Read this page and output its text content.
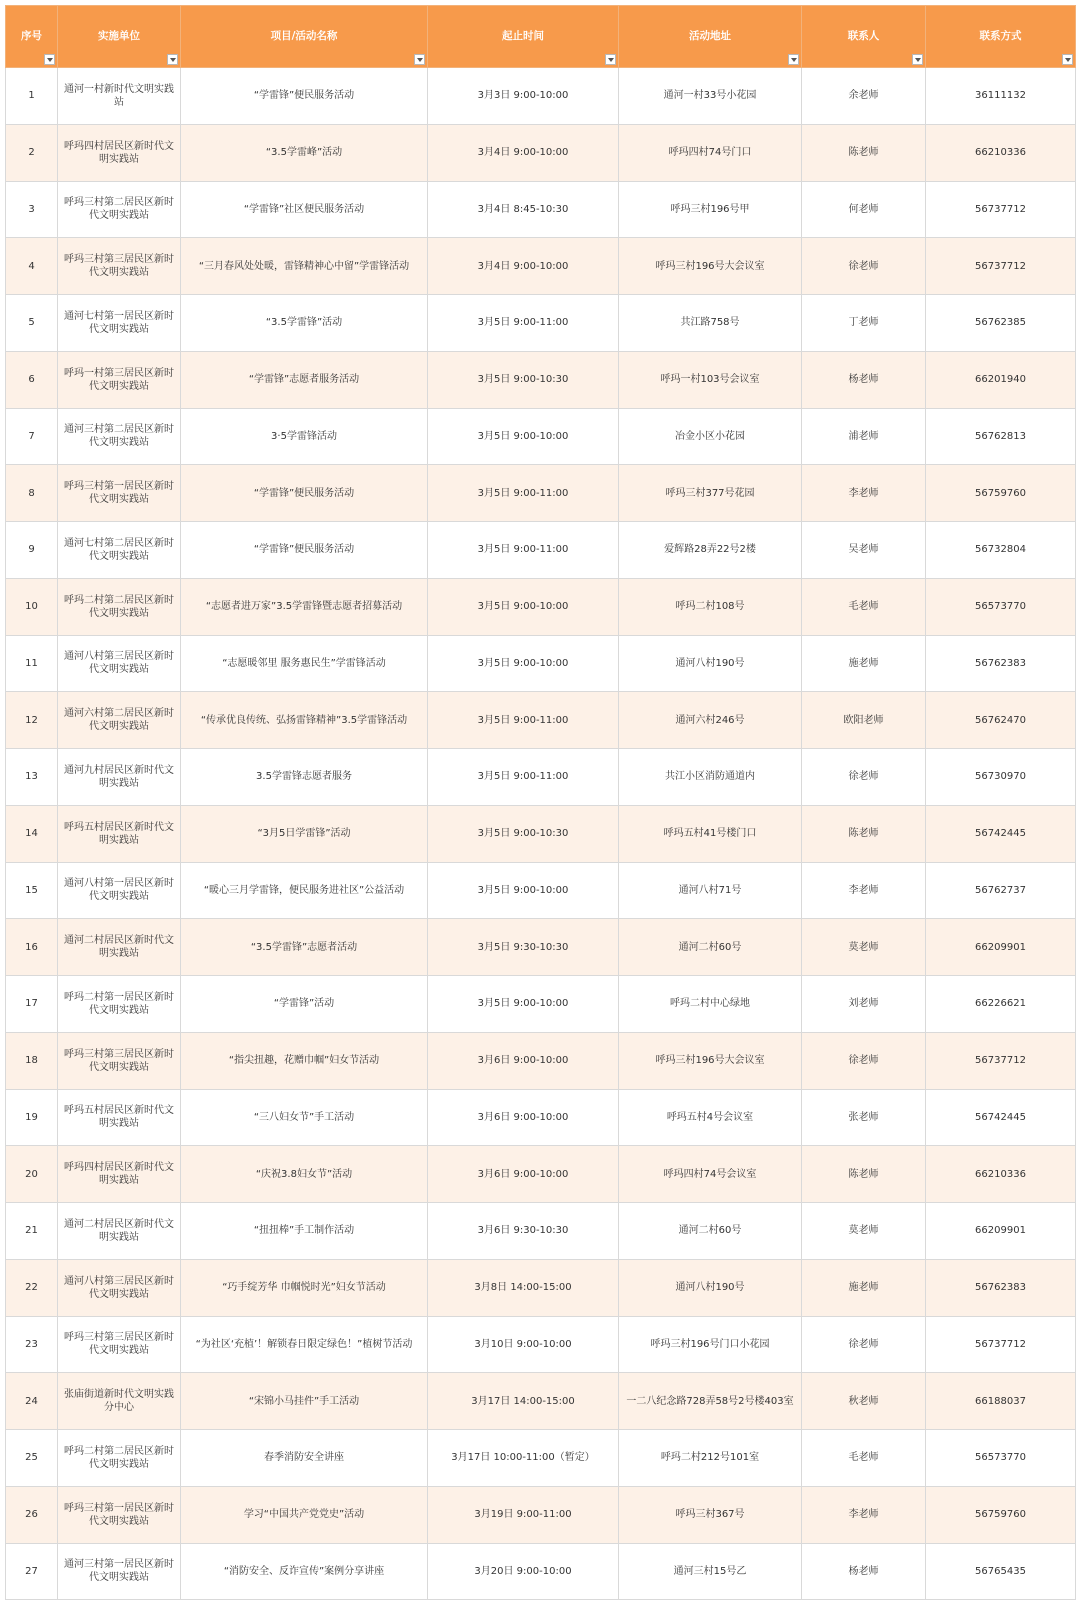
序号	实施单位	项目/活动名称	起止时间	活动地址	联系人	联系方式

1	通河一村新时代文明实践站	“学雷锋”便民服务活动	3月3日 9:00-10:00	通河一村33号小花园	余老师	36111132
2	呼玛四村居民区新时代文明实践站	“3.5学雷峰”活动	3月4日 9:00-10:00	呼玛四村74号门口	陈老师	66210336
3	呼玛三村第二居民区新时代文明实践站	“学雷锋”社区便民服务活动	3月4日 8:45-10:30	呼玛三村196号甲	何老师	56737712
4	呼玛三村第三居民区新时代文明实践站	“三月春风处处暖，雷锋精神心中留”学雷锋活动	3月4日 9:00-10:00	呼玛三村196号大会议室	徐老师	56737712
5	通河七村第一居民区新时代文明实践站	“3.5学雷锋”活动	3月5日 9:00-11:00	共江路758号	丁老师	56762385
6	呼玛一村第三居民区新时代文明实践站	“学雷锋”志愿者服务活动	3月5日 9:00-10:30	呼玛一村103号会议室	杨老师	66201940
7	通河三村第二居民区新时代文明实践站	3·5学雷锋活动	3月5日 9:00-10:00	冶金小区小花园	浦老师	56762813
8	呼玛三村第一居民区新时代文明实践站	“学雷锋”便民服务活动	3月5日 9:00-11:00	呼玛三村377号花园	李老师	56759760
9	通河七村第二居民区新时代文明实践站	“学雷锋”便民服务活动	3月5日 9:00-11:00	爱辉路28弄22号2楼	吴老师	56732804
10	呼玛二村第二居民区新时代文明实践站	“志愿者进万家”3.5学雷锋暨志愿者招募活动	3月5日 9:00-10:00	呼玛二村108号	毛老师	56573770
11	通河八村第三居民区新时代文明实践站	“志愿暖邻里 服务惠民生”学雷锋活动	3月5日 9:00-10:00	通河八村190号	施老师	56762383
12	通河六村第二居民区新时代文明实践站	“传承优良传统、弘扬雷锋精神”3.5学雷锋活动	3月5日 9:00-11:00	通河六村246号	欧阳老师	56762470
13	通河九村居民区新时代文明实践站	3.5学雷锋志愿者服务	3月5日 9:00-11:00	共江小区消防通道内	徐老师	56730970
14	呼玛五村居民区新时代文明实践站	“3月5日学雷锋”活动	3月5日 9:00-10:30	呼玛五村41号楼门口	陈老师	56742445
15	通河八村第一居民区新时代文明实践站	“暖心三月学雷锋，便民服务进社区”公益活动	3月5日 9:00-10:00	通河八村71号	李老师	56762737
16	通河二村居民区新时代文明实践站	“3.5学雷锋”志愿者活动	3月5日 9:30-10:30	通河二村60号	莫老师	66209901
17	呼玛二村第一居民区新时代文明实践站	“学雷锋”活动	3月5日 9:00-10:00	呼玛二村中心绿地	刘老师	66226621
18	呼玛三村第三居民区新时代文明实践站	“指尖扭趣，花赠巾帼”妇女节活动	3月6日 9:00-10:00	呼玛三村196号大会议室	徐老师	56737712
19	呼玛五村居民区新时代文明实践站	“三八妇女节”手工活动	3月6日 9:00-10:00	呼玛五村4号会议室	张老师	56742445
20	呼玛四村居民区新时代文明实践站	“庆祝3.8妇女节”活动	3月6日 9:00-10:00	呼玛四村74号会议室	陈老师	66210336
21	通河二村居民区新时代文明实践站	“扭扭棒”手工制作活动	3月6日 9:30-10:30	通河二村60号	莫老师	66209901
22	通河八村第三居民区新时代文明实践站	“巧手绽芳华 巾帼悦时光”妇女节活动	3月8日 14:00-15:00	通河八村190号	施老师	56762383
23	呼玛三村第三居民区新时代文明实践站	“为社区‘充植’！解锁春日限定绿色！”植树节活动	3月10日 9:00-10:00	呼玛三村196号门口小花园	徐老师	56737712
24	张庙街道新时代文明实践分中心	“宋锦小马挂件”手工活动	3月17日 14:00-15:00	一二八纪念路728弄58号2号楼403室	秋老师	66188037
25	呼玛二村第二居民区新时代文明实践站	春季消防安全讲座	3月17日 10:00-11:00（暂定）	呼玛二村212号101室	毛老师	56573770
26	呼玛三村第一居民区新时代文明实践站	学习“中国共产党党史”活动	3月19日 9:00-11:00	呼玛三村367号	李老师	56759760
27	通河三村第一居民区新时代文明实践站	“消防安全、反诈宣传”案例分享讲座	3月20日 9:00-10:00	通河三村15号乙	杨老师	56765435
